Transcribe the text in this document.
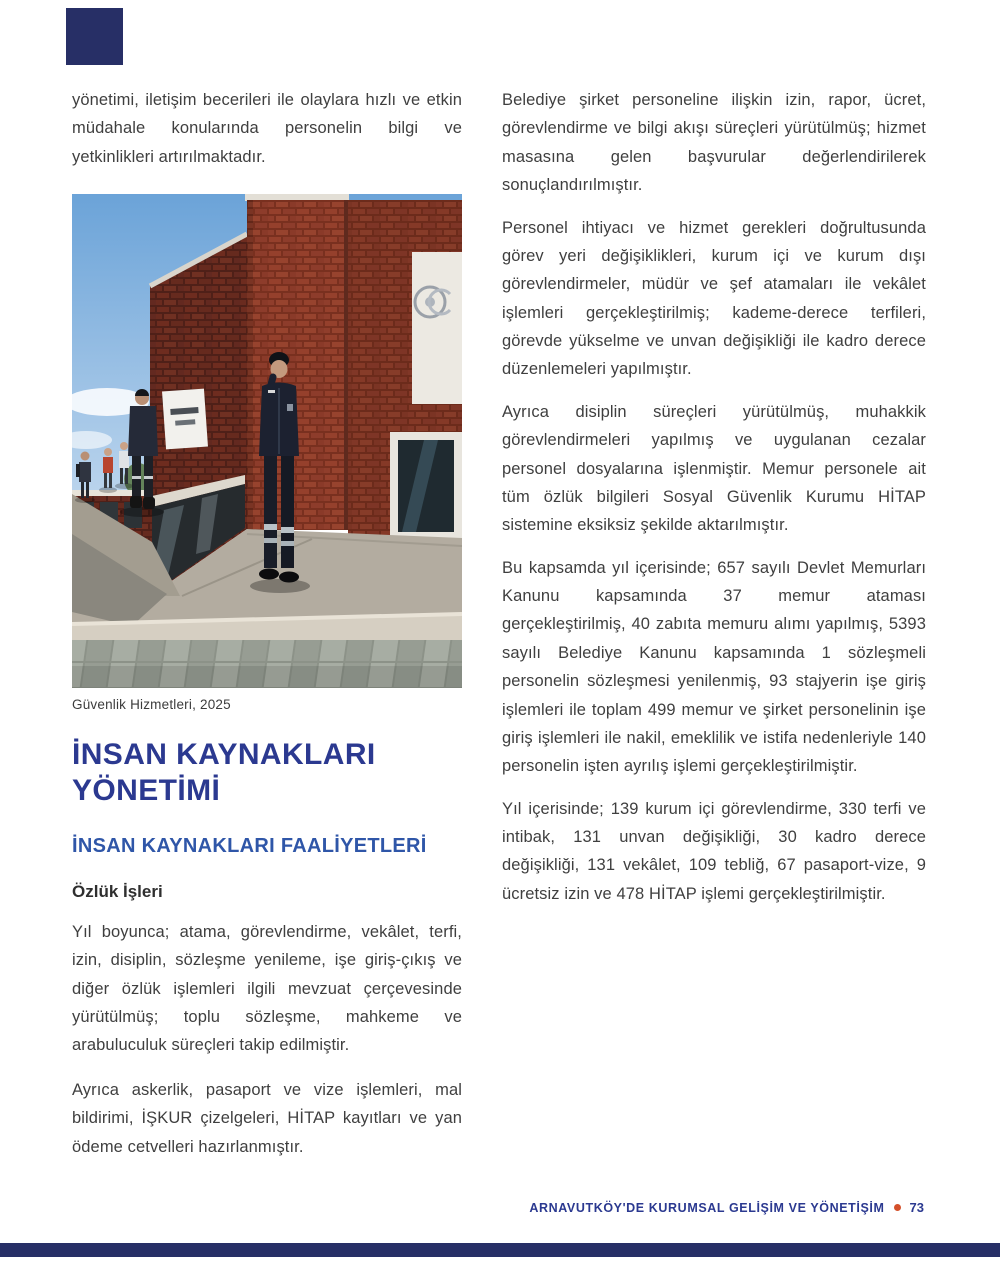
yönetimi, iletişim becerileri ile olaylara hızlı ve etkin müdahale konularında personelin bilgi ve yetkinlikleri artırılmaktadır.

Güvenlik Hizmetleri, 2025
İNSAN KAYNAKLARI YÖNETİMİ
İNSAN KAYNAKLARI FAALİYETLERİ
Özlük İşleri

Yıl boyunca; atama, görevlendirme, vekâlet, terfi, izin, disiplin, sözleşme yenileme, işe giriş-çıkış ve diğer özlük işlemleri ilgili mevzuat çerçevesinde yürütülmüş; toplu sözleşme, mahkeme ve arabuluculuk süreçleri takip edilmiştir.

Ayrıca askerlik, pasaport ve vize işlemleri, mal bildirimi, İŞKUR çizelgeleri, HİTAP kayıtları ve yan ödeme cetvelleri hazırlanmıştır.

Belediye şirket personeline ilişkin izin, rapor, ücret, görevlendirme ve bilgi akışı süreçleri yürütülmüş; hizmet masasına gelen başvurular değerlendirilerek sonuçlandırılmıştır.

Personel ihtiyacı ve hizmet gerekleri doğrultusunda görev yeri değişiklikleri, kurum içi ve kurum dışı görevlendirmeler, müdür ve şef atamaları ile vekâlet işlemleri gerçekleştirilmiş; kademe-derece terfileri, görevde yükselme ve unvan değişikliği ile kadro derece düzenlemeleri yapılmıştır.

Ayrıca disiplin süreçleri yürütülmüş, muhakkik görevlendirmeleri yapılmış ve uygulanan cezalar personel dosyalarına işlenmiştir. Memur personele ait tüm özlük bilgileri Sosyal Güvenlik Kurumu HİTAP sistemine eksiksiz şekilde aktarılmıştır.

Bu kapsamda yıl içerisinde; 657 sayılı Devlet Memurları Kanunu kapsamında 37 memur ataması gerçekleştirilmiş, 40 zabıta memuru alımı yapılmış, 5393 sayılı Belediye Kanunu kapsamında 1 sözleşmeli personelin sözleşmesi yenilenmiş, 93 stajyerin işe giriş işlemleri ile toplam 499 memur ve şirket personelinin işe giriş işlemleri ile nakil, emeklilik ve istifa nedenleriyle 140 personelin işten ayrılış işlemi gerçekleştirilmiştir.

Yıl içerisinde; 139 kurum içi görevlendirme, 330 terfi ve intibak, 131 unvan değişikliği, 30 kadro derece değişikliği, 131 vekâlet, 109 tebliğ, 67 pasaport-vize, 9 ücretsiz izin ve 478 HİTAP işlemi gerçekleştirilmiştir.

ARNAVUTKÖY'DE KURUMSAL GELİŞİM VE YÖNETİŞİM 73
